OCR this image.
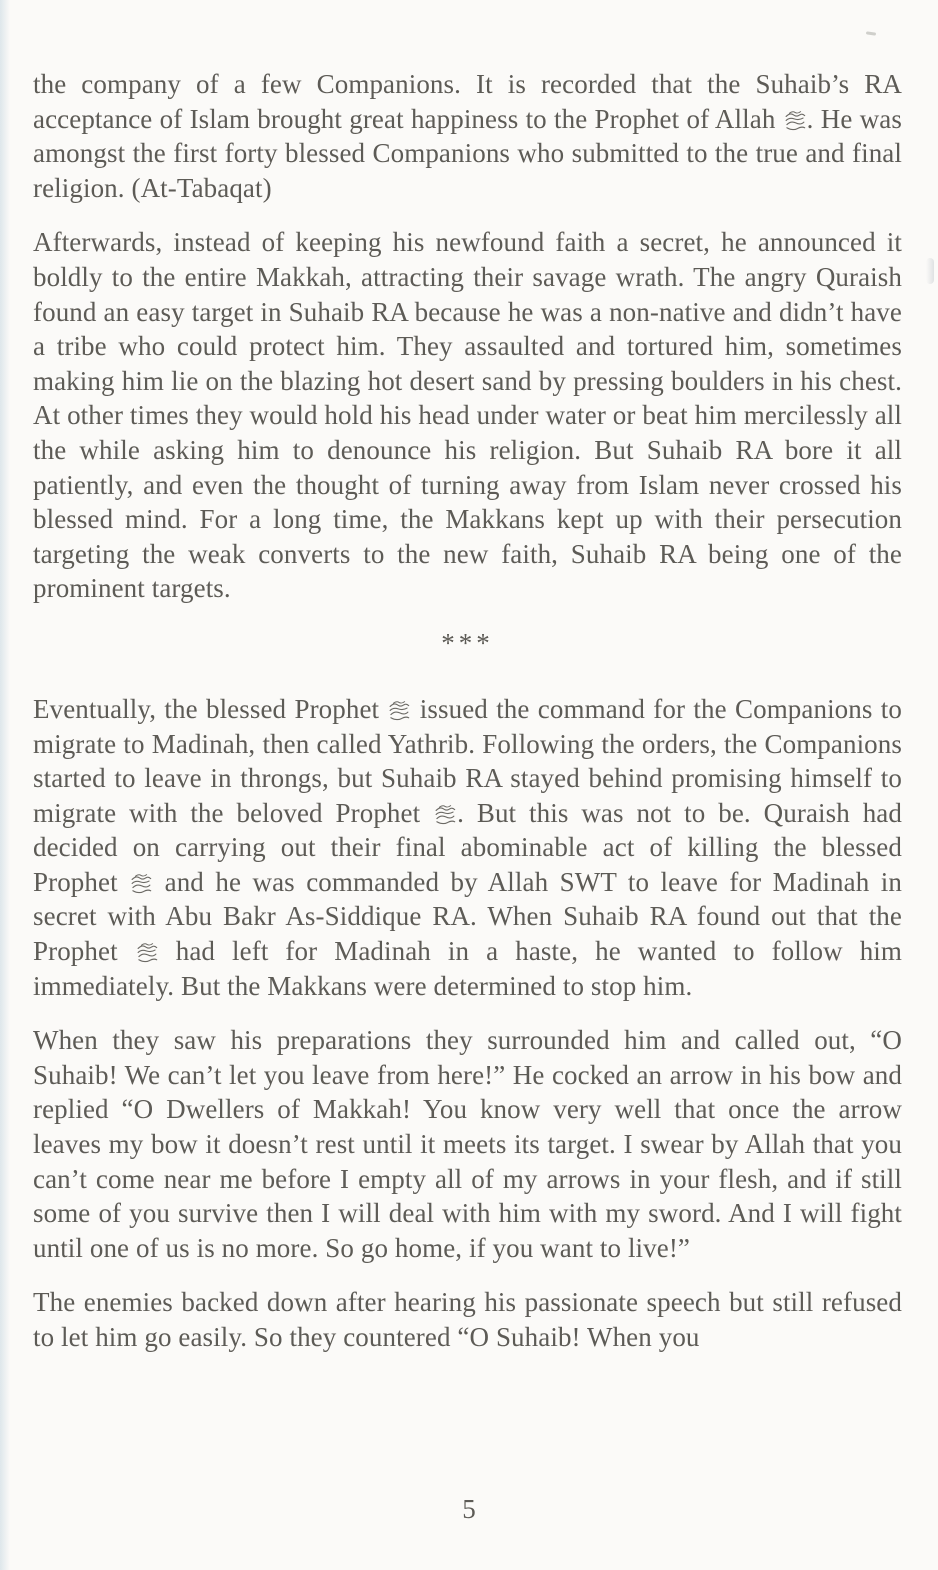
the company of a few Companions. It is recorded that the Suhaib’s RA acceptance of Islam brought great happiness to the Prophet of Allah . He was amongst the first forty blessed Companions who submitted to the true and final religion. (At-Tabaqat)

Afterwards, instead of keeping his newfound faith a secret, he announced it boldly to the entire Makkah, attracting their savage wrath. The angry Quraish found an easy target in Suhaib RA because he was a non-native and didn’t have a tribe who could protect him. They assaulted and tortured him, sometimes making him lie on the blazing hot desert sand by pressing boulders in his chest. At other times they would hold his head under water or beat him mercilessly all the while asking him to denounce his religion. But Suhaib RA bore it all patiently, and even the thought of turning away from Islam never crossed his blessed mind. For a long time, the Makkans kept up with their persecution targeting the weak converts to the new faith, Suhaib RA being one of the prominent targets.

***

Eventually, the blessed Prophet  issued the command for the Companions to migrate to Madinah, then called Yathrib. Following the orders, the Companions started to leave in throngs, but Suhaib RA stayed behind promising himself to migrate with the beloved Prophet . But this was not to be. Quraish had decided on carrying out their final abominable act of killing the blessed Prophet  and he was commanded by Allah SWT to leave for Madinah in secret with Abu Bakr As-Siddique RA. When Suhaib RA found out that the Prophet  had left for Madinah in a haste, he wanted to follow him immediately. But the Makkans were determined to stop him.

When they saw his preparations they surrounded him and called out, “O Suhaib! We can’t let you leave from here!” He cocked an arrow in his bow and replied “O Dwellers of Makkah! You know very well that once the arrow leaves my bow it doesn’t rest until it meets its target. I swear by Allah that you can’t come near me before I empty all of my arrows in your flesh, and if still some of you survive then I will deal with him with my sword. And I will fight until one of us is no more. So go home, if you want to live!”

The enemies backed down after hearing his passionate speech but still refused to let him go easily. So they countered “O Suhaib! When you

5
